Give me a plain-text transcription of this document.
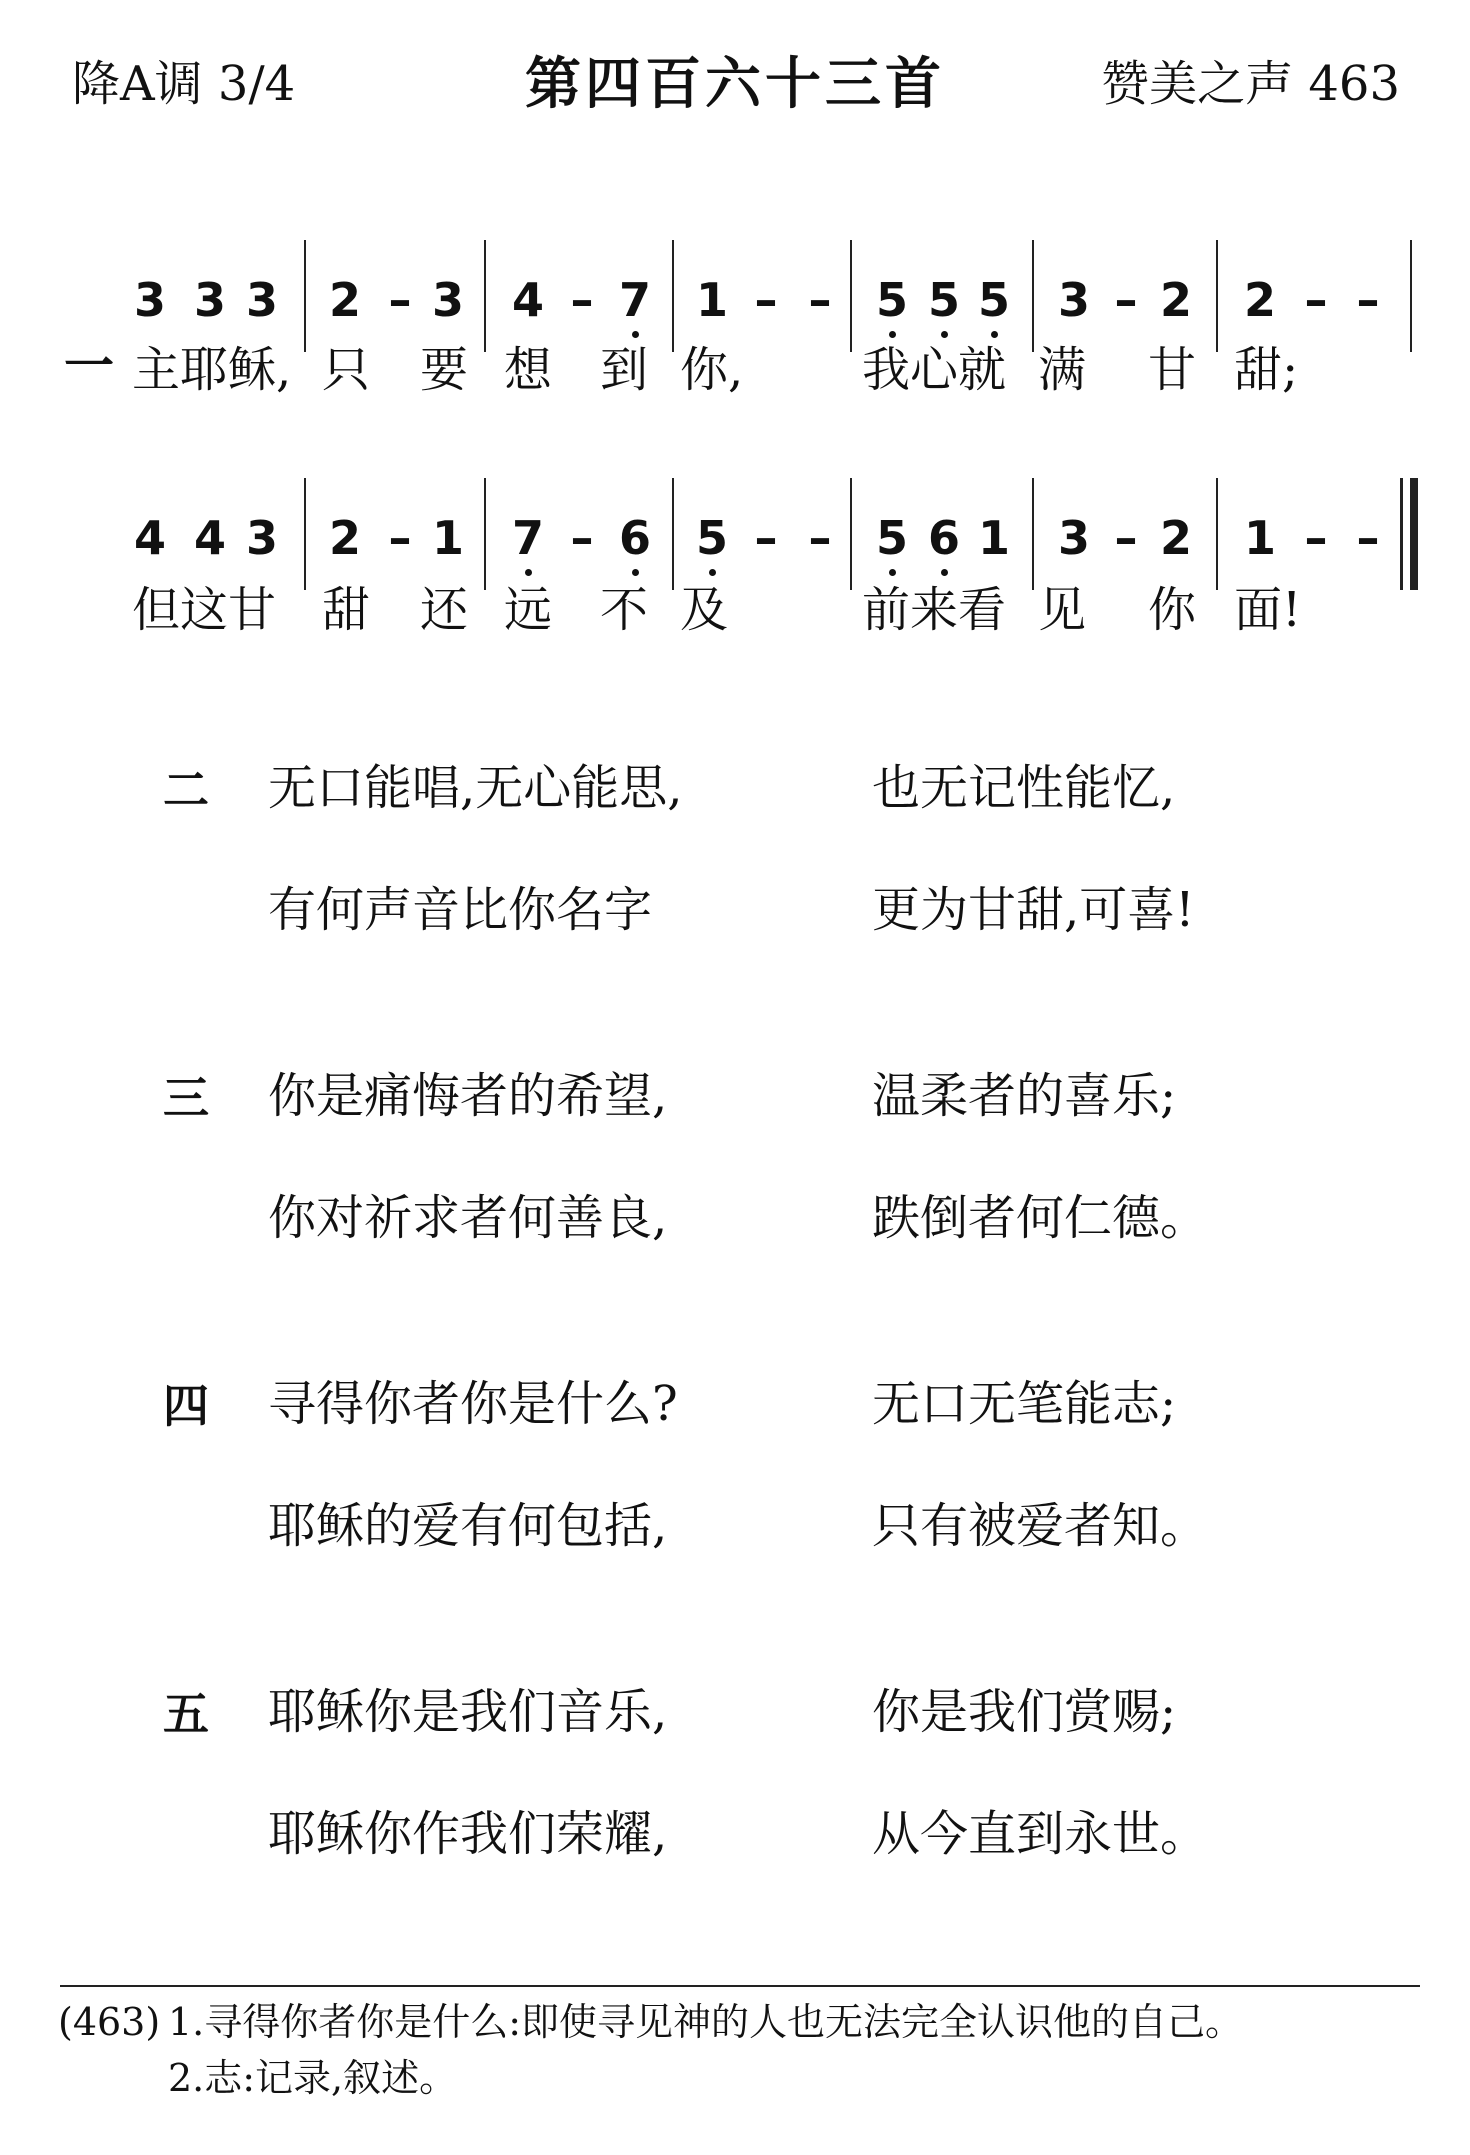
降A调 3/4	第四百六十三首	赞美之声 463
3 3 3	2 – 3	4 – 7 1 – – 5 5 5	3 – 2	2 – –
一 主耶稣, 只 要 想 到 你, 我心就 满 甘 甜;
4 4 3	2 – 1	7 – 6 5 – – 5 6 1	3 – 2	1 – –
但这甘 甜 还 远 不 及	前来看 见 你 面!
二 无口能唱,无心能思,	也无记性能忆,
有何声音比你名字	更为甘甜,可喜!
三 你是痛悔者的希望,	温柔者的喜乐;
你对祈求者何善良,	跌倒者何仁德。
四 寻得你者你是什么?	无口无笔能志;
耶稣的爱有何包括,	只有被爱者知。
五 耶稣你是我们音乐,	你是我们赏赐;
耶稣你作我们荣耀,	从今直到永世。
(463) 1.寻得你者你是什么:即使寻见神的人也无法完全认识他的自己。
2.志:记录,叙述。
